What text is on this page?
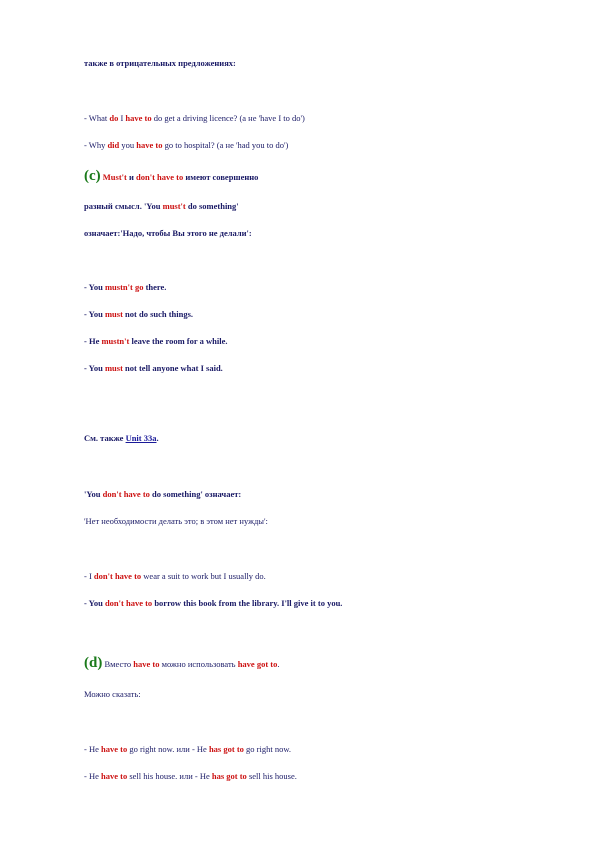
также в отрицательных предложениях:
- What do I have to do get a driving licence? (а не 'have I to do')
- Why did you have to go to hospital? (а не 'had you to do')
(c) Must't и don't have to имеют совершенно
разный смысл. 'You must't do something'
означает:'Надо, чтобы Вы этого не делали':
- You mustn't go there.
- You must not do such things.
- He mustn't leave the room for a while.
- You must not tell anyone what I said.
См. также Unit 33a.
'You don't have to do something' означает:
'Нет необходимости делать это; в этом нет нужды':
- I don't have to wear a suit to work but I usually do.
- You don't have to borrow this book from the library. I'll give it to you.
(d) Вместо have to можно использовать have got to.
Можно сказать:
- He have to go right now. или - He has got to go right now.
- He have to sell his house. или - He has got to sell his house.
